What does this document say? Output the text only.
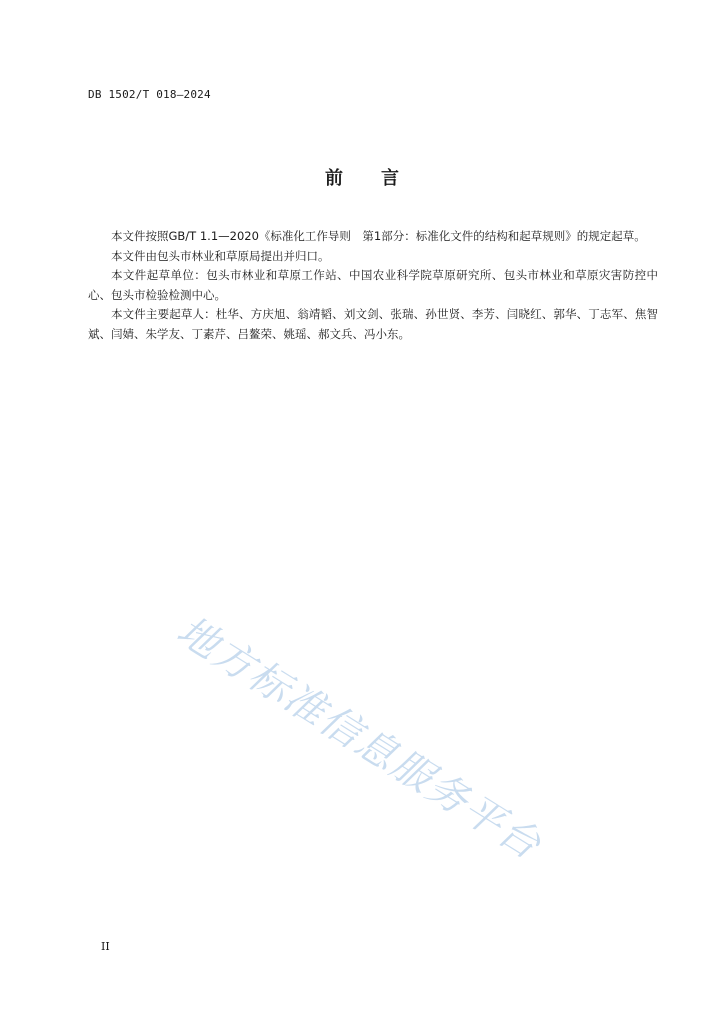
DB 1502/T 018—2024
前言

本文件按照GB/T 1.1—2020《标准化工作导则　第1部分：标准化文件的结构和起草规则》的规定起草。

本文件由包头市林业和草原局提出并归口。

本文件起草单位：包头市林业和草原工作站、中国农业科学院草原研究所、包头市林业和草原灾害防控中心、包头市检验检测中心。

本文件主要起草人：杜华、方庆旭、翁靖韬、刘文剑、张瑞、孙世贤、李芳、闫晓红、郭华、丁志军、焦智斌、闫婧、朱学友、丁素芹、吕鳌荣、姚瑶、郝文兵、冯小东。

地方标准信息服务平台
II
